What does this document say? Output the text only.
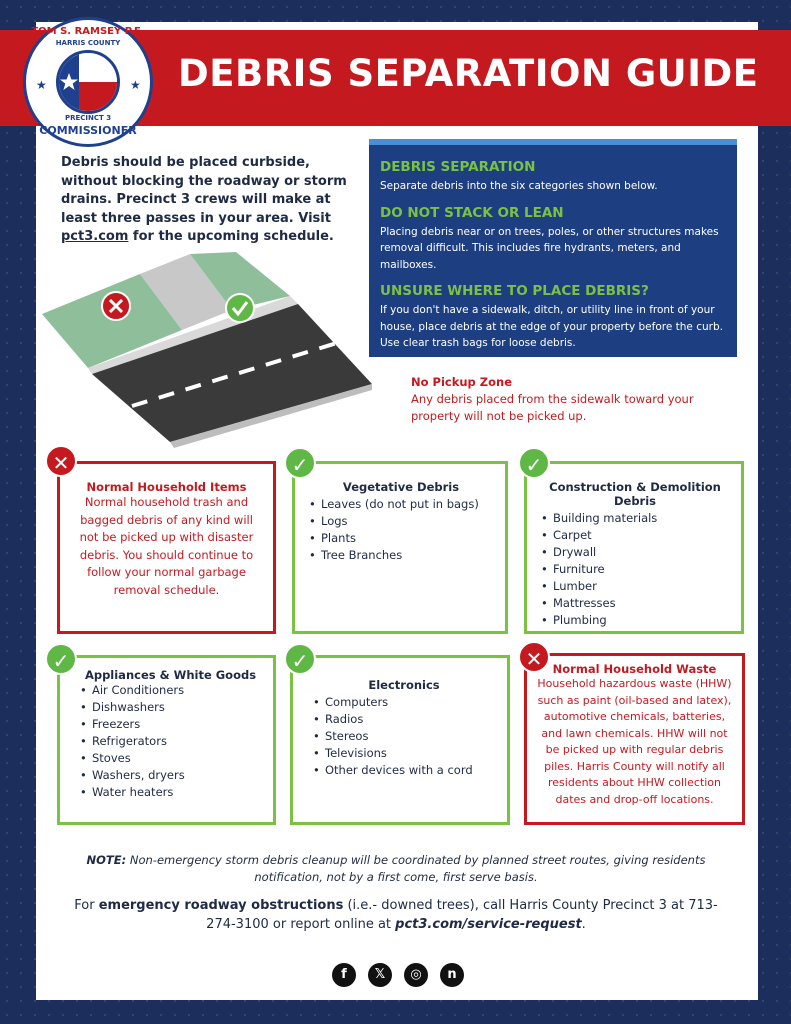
DEBRIS SEPARATION GUIDE
TOM S. RAMSEY P.E.
HARRIS COUNTY
★	★
PRECINCT 3
COMMISSIONER
Debris should be placed curbside, without blocking the roadway or storm drains. Precinct 3 crews will make at least three passes in your area. Visit pct3.com for the upcoming schedule.
DEBRIS SEPARATION
Separate debris into the six categories shown below.
DO NOT STACK OR LEAN
Placing debris near or on trees, poles, or other structures makes removal difficult. This includes fire hydrants, meters, and mailboxes.
UNSURE WHERE TO PLACE DEBRIS?
If you don't have a sidewalk, ditch, or utility line in front of your house, place debris at the edge of your property before the curb. Use clear trash bags for loose debris.
No Pickup Zone
Any debris placed from the sidewalk toward your property will not be picked up.
Normal Household Items
Normal household trash and bagged debris of any kind will not be picked up with disaster debris. You should continue to follow your normal garbage removal schedule.
✕
Vegetative Debris
• Leaves (do not put in bags)
• Logs
• Plants
• Tree Branches
✓
Construction & Demolition Debris
• Building materials
• Carpet
• Drywall
• Furniture
• Lumber
• Mattresses
• Plumbing
✓
Appliances & White Goods
• Air Conditioners
• Dishwashers
• Freezers
• Refrigerators
• Stoves
• Washers, dryers
• Water heaters
✓
Electronics
• Computers
• Radios
• Stereos
• Televisions
• Other devices with a cord
✓	Normal Household Waste
Household hazardous waste (HHW) such as paint (oil-based and latex), automotive chemicals, batteries, and lawn chemicals. HHW will not be picked up with regular debris piles. Harris County will notify all residents about HHW collection dates and drop-off locations.
✕
NOTE: Non-emergency storm debris cleanup will be coordinated by planned street routes, giving residents notification, not by a first come, first serve basis.
For emergency roadway obstructions (i.e.- downed trees), call Harris County Precinct 3 at 713-274-3100 or report online at pct3.com/service-request.
f	𝕏	◎	n
